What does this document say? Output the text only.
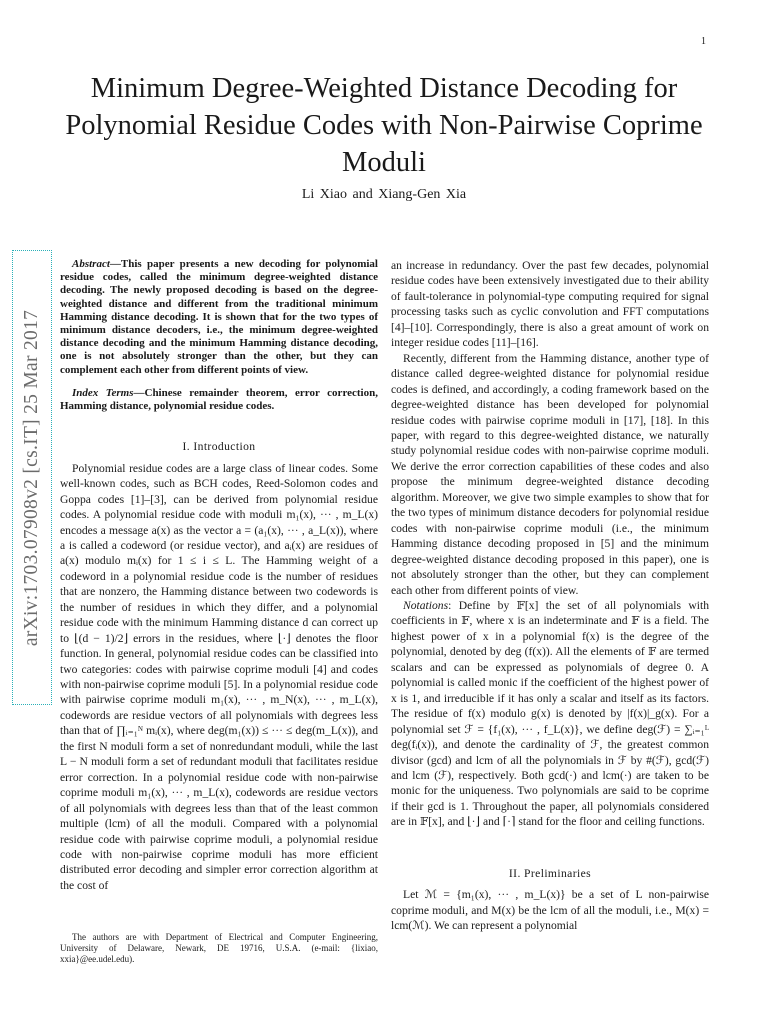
1
arXiv:1703.07908v2 [cs.IT] 25 Mar 2017
Minimum Degree-Weighted Distance Decoding for Polynomial Residue Codes with Non-Pairwise Coprime Moduli
Li Xiao and Xiang-Gen Xia

Abstract—This paper presents a new decoding for polynomial residue codes, called the minimum degree-weighted distance decoding. The newly proposed decoding is based on the degree-weighted distance and different from the traditional minimum Hamming distance decoding. It is shown that for the two types of minimum distance decoders, i.e., the minimum degree-weighted distance decoding and the minimum Hamming distance decoding, one is not absolutely stronger than the other, but they can complement each other from different points of view.

Index Terms—Chinese remainder theorem, error correction, Hamming distance, polynomial residue codes.

I. Introduction

Polynomial residue codes are a large class of linear codes. Some well-known codes, such as BCH codes, Reed-Solomon codes and Goppa codes [1]–[3], can be derived from polynomial residue codes. A polynomial residue code with moduli m₁(x), ··· , m_L(x) encodes a message a(x) as the vector a = (a₁(x), ··· , a_L(x)), where a is called a codeword (or residue vector), and aᵢ(x) are residues of a(x) modulo mᵢ(x) for 1 ≤ i ≤ L. The Hamming weight of a codeword in a polynomial residue code is the number of residues that are nonzero, the Hamming distance between two codewords is the number of residues in which they differ, and a polynomial residue code with the minimum Hamming distance d can correct up to ⌊(d − 1)/2⌋ errors in the residues, where ⌊·⌋ denotes the floor function. In general, polynomial residue codes can be classified into two categories: codes with pairwise coprime moduli [4] and codes with non-pairwise coprime moduli [5]. In a polynomial residue code with pairwise coprime moduli m₁(x), ··· , m_N(x), ··· , m_L(x), codewords are residue vectors of all polynomials with degrees less than that of ∏ᵢ₌₁ᴺ mᵢ(x), where deg(m₁(x)) ≤ ··· ≤ deg(m_L(x)), and the first N moduli form a set of nonredundant moduli, while the last L − N moduli form a set of redundant moduli that facilitates residue error correction. In a polynomial residue code with non-pairwise coprime moduli m₁(x), ··· , m_L(x), codewords are residue vectors of all polynomials with degrees less than that of the least common multiple (lcm) of all the moduli. Compared with a polynomial residue code with pairwise coprime moduli, a polynomial residue code with non-pairwise coprime moduli has more efficient distributed error decoding and simpler error correction algorithm at the cost of

an increase in redundancy. Over the past few decades, polynomial residue codes have been extensively investigated due to their ability of fault-tolerance in polynomial-type computing required for signal processing tasks such as cyclic convolution and FFT computations [4]–[10]. Correspondingly, there is also a great amount of work on integer residue codes [11]–[16].

Recently, different from the Hamming distance, another type of distance called degree-weighted distance for polynomial residue codes is defined, and accordingly, a coding framework based on the degree-weighted distance has been developed for polynomial residue codes with pairwise coprime moduli in [17], [18]. In this paper, with regard to this degree-weighted distance, we naturally study polynomial residue codes with non-pairwise coprime moduli. We derive the error correction capabilities of these codes and also propose the minimum degree-weighted distance decoding algorithm. Moreover, we give two simple examples to show that for the two types of minimum distance decoders for polynomial residue codes with non-pairwise coprime moduli (i.e., the minimum Hamming distance decoding proposed in [5] and the minimum degree-weighted distance decoding proposed in this paper), one is not absolutely stronger than the other, but they can complement each other from different points of view.

Notations: Define by 𝔽[x] the set of all polynomials with coefficients in 𝔽, where x is an indeterminate and 𝔽 is a field. The highest power of x in a polynomial f(x) is the degree of the polynomial, denoted by deg (f(x)). All the elements of 𝔽 are termed scalars and can be expressed as polynomials of degree 0. A polynomial is called monic if the coefficient of the highest power of x is 1, and irreducible if it has only a scalar and itself as its factors. The residue of f(x) modulo g(x) is denoted by |f(x)|_g(x). For a polynomial set ℱ = {f₁(x), ··· , f_L(x)}, we define deg(ℱ) = ∑ᵢ₌₁ᴸ deg(fᵢ(x)), and denote the cardinality of ℱ, the greatest common divisor (gcd) and lcm of all the polynomials in ℱ by #(ℱ), gcd(ℱ) and lcm (ℱ), respectively. Both gcd(·) and lcm(·) are taken to be monic for the uniqueness. Two polynomials are said to be coprime if their gcd is 1. Throughout the paper, all polynomials considered are in 𝔽[x], and ⌊·⌋ and ⌈·⌉ stand for the floor and ceiling functions.

II. Preliminaries

Let ℳ = {m₁(x), ··· , m_L(x)} be a set of L non-pairwise coprime moduli, and M(x) be the lcm of all the moduli, i.e., M(x) = lcm(ℳ). We can represent a polynomial

The authors are with Department of Electrical and Computer Engineering, University of Delaware, Newark, DE 19716, U.S.A. (e-mail: {lixiao, xxia}@ee.udel.edu).
